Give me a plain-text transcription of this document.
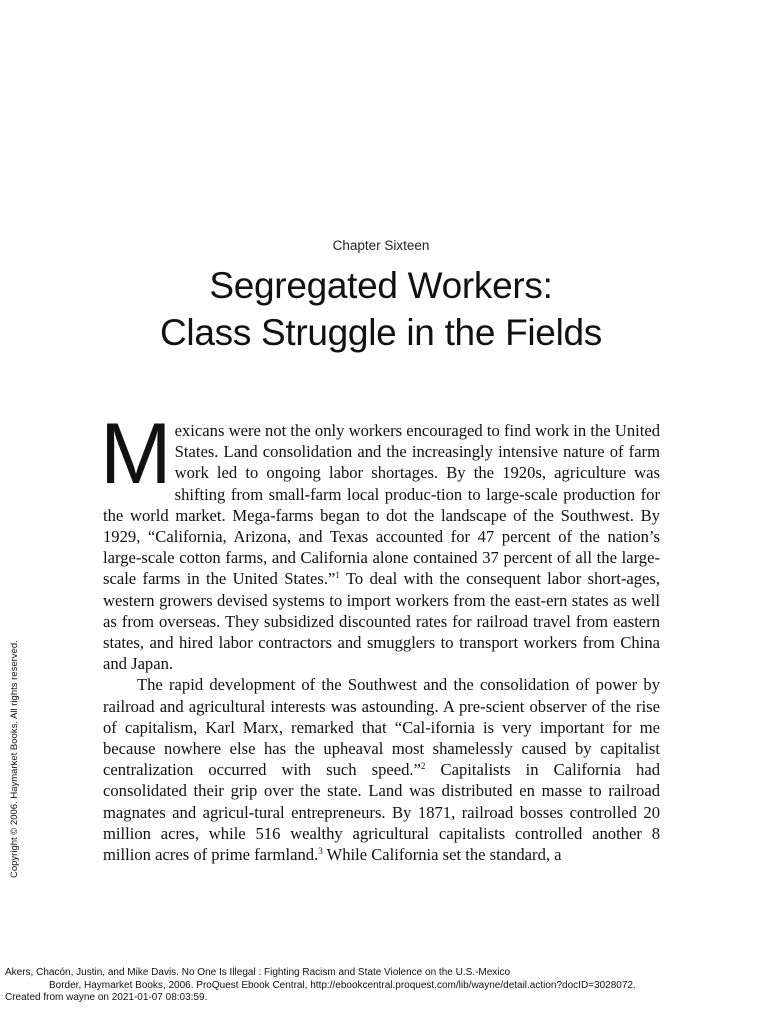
Chapter Sixteen
Segregated Workers:
Class Struggle in the Fields

Mexicans were not the only workers encouraged to find work in the United States. Land consolidation and the increasingly intensive nature of farm work led to ongoing labor shortages. By the 1920s, agriculture was shifting from small-farm local produc-tion to large-scale production for the world market. Mega-farms began to dot the landscape of the Southwest. By 1929, “California, Arizona, and Texas accounted for 47 percent of the nation’s large-scale cotton farms, and California alone contained 37 percent of all the large-scale farms in the United States.”$^1$ To deal with the consequent labor short-ages, western growers devised systems to import workers from the east-ern states as well as from overseas. They subsidized discounted rates for railroad travel from eastern states, and hired labor contractors and smugglers to transport workers from China and Japan.

The rapid development of the Southwest and the consolidation of power by railroad and agricultural interests was astounding. A pre-scient observer of the rise of capitalism, Karl Marx, remarked that “Cal-ifornia is very important for me because nowhere else has the upheaval most shamelessly caused by capitalist centralization occurred with such speed.”$^2$ Capitalists in California had consolidated their grip over the state. Land was distributed en masse to railroad magnates and agricul-tural entrepreneurs. By 1871, railroad bosses controlled 20 million acres, while 516 wealthy agricultural capitalists controlled another 8 million acres of prime farmland.$^3$ While California set the standard, a

Copyright © 2006. Haymarket Books. All rights reserved.
Akers, Chacón, Justin, and Mike Davis. No One Is Illegal : Fighting Racism and State Violence on the U.S.-Mexico
Border, Haymarket Books, 2006. ProQuest Ebook Central, http://ebookcentral.proquest.com/lib/wayne/detail.action?docID=3028072.
Created from wayne on 2021-01-07 08:03:59.
